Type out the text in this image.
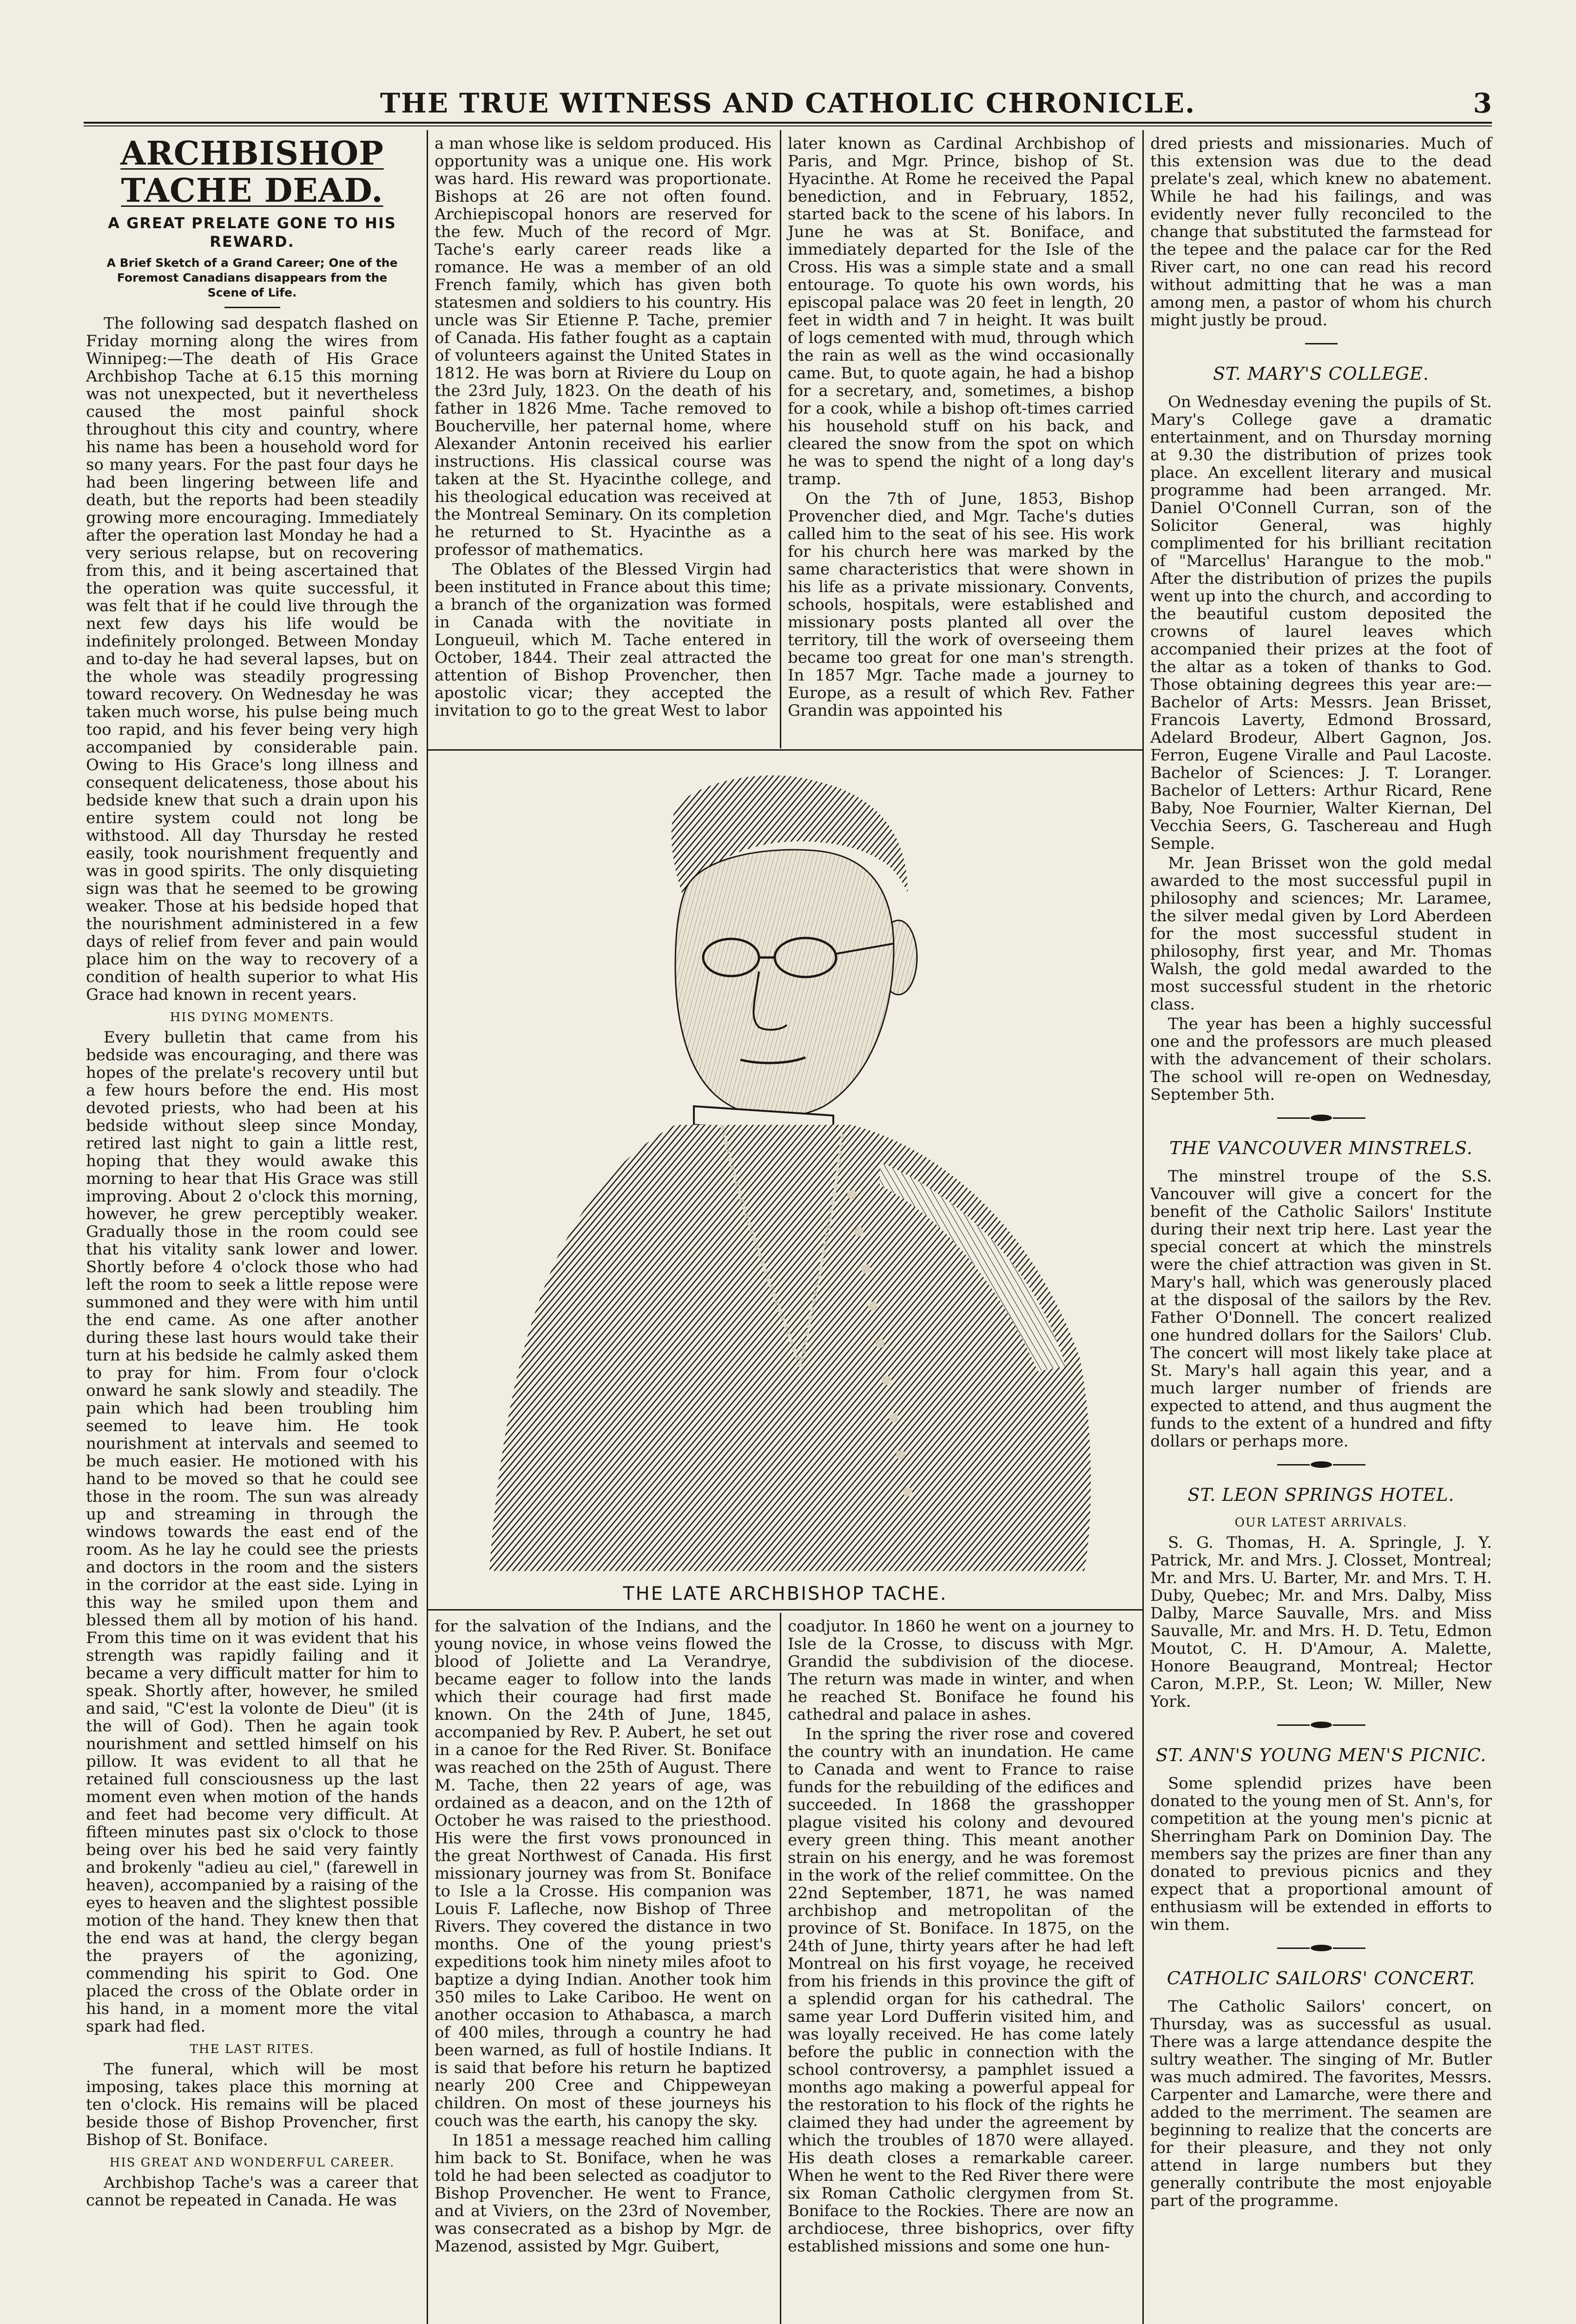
THE TRUE WITNESS AND CATHOLIC CHRONICLE.	3
ARCHBISHOP TACHE DEAD.
A GREAT PRELATE GONE TO HIS REWARD.
A Brief Sketch of a Grand Career; One of the Foremost Canadians disappears from the Scene of Life.

The following sad despatch flashed on Friday morning along the wires from Winnipeg:—The death of His Grace Archbishop Tache at 6.15 this morning was not unexpected, but it nevertheless caused the most painful shock throughout this city and country, where his name has been a household word for so many years. For the past four days he had been lingering between life and death, but the reports had been steadily growing more encouraging. Immediately after the operation last Monday he had a very serious relapse, but on recovering from this, and it being ascertained that the operation was quite successful, it was felt that if he could live through the next few days his life would be indefinitely prolonged. Between Monday and to-day he had several lapses, but on the whole was steadily progressing toward recovery. On Wednesday he was taken much worse, his pulse being much too rapid, and his fever being very high accompanied by considerable pain. Owing to His Grace's long illness and consequent delicateness, those about his bedside knew that such a drain upon his entire system could not long be withstood. All day Thursday he rested easily, took nourishment frequently and was in good spirits. The only disquieting sign was that he seemed to be growing weaker. Those at his bedside hoped that the nourishment administered in a few days of relief from fever and pain would place him on the way to recovery of a condition of health superior to what His Grace had known in recent years.

HIS DYING MOMENTS.

Every bulletin that came from his bedside was encouraging, and there was hopes of the prelate's recovery until but a few hours before the end. His most devoted priests, who had been at his bedside without sleep since Monday, retired last night to gain a little rest, hoping that they would awake this morning to hear that His Grace was still improving. About 2 o'clock this morning, however, he grew perceptibly weaker. Gradually those in the room could see that his vitality sank lower and lower. Shortly before 4 o'clock those who had left the room to seek a little repose were summoned and they were with him until the end came. As one after another during these last hours would take their turn at his bedside he calmly asked them to pray for him. From four o'clock onward he sank slowly and steadily. The pain which had been troubling him seemed to leave him. He took nourishment at intervals and seemed to be much easier. He motioned with his hand to be moved so that he could see those in the room. The sun was already up and streaming in through the windows towards the east end of the room. As he lay he could see the priests and doctors in the room and the sisters in the corridor at the east side. Lying in this way he smiled upon them and blessed them all by motion of his hand. From this time on it was evident that his strength was rapidly failing and it became a very difficult matter for him to speak. Shortly after, however, he smiled and said, "C'est la volonte de Dieu" (it is the will of God). Then he again took nourishment and settled himself on his pillow. It was evident to all that he retained full consciousness up the last moment even when motion of the hands and feet had become very difficult. At fifteen minutes past six o'clock to those being over his bed he said very faintly and brokenly "adieu au ciel," (farewell in heaven), accompanied by a raising of the eyes to heaven and the slightest possible motion of the hand. They knew then that the end was at hand, the clergy began the prayers of the agonizing, commending his spirit to God. One placed the cross of the Oblate order in his hand, in a moment more the vital spark had fled.

THE LAST RITES.

The funeral, which will be most imposing, takes place this morning at ten o'clock. His remains will be placed beside those of Bishop Provencher, first Bishop of St. Boniface.

HIS GREAT AND WONDERFUL CAREER.

Archbishop Tache's was a career that cannot be repeated in Canada. He was

a man whose like is seldom produced. His opportunity was a unique one. His work was hard. His reward was proportionate. Bishops at 26 are not often found. Archiepiscopal honors are reserved for the few. Much of the record of Mgr. Tache's early career reads like a romance. He was a member of an old French family, which has given both statesmen and soldiers to his country. His uncle was Sir Etienne P. Tache, premier of Canada. His father fought as a captain of volunteers against the United States in 1812. He was born at Riviere du Loup on the 23rd July, 1823. On the death of his father in 1826 Mme. Tache removed to Boucherville, her paternal home, where Alexander Antonin received his earlier instructions. His classical course was taken at the St. Hyacinthe college, and his theological education was received at the Montreal Seminary. On its completion he returned to St. Hyacinthe as a professor of mathematics.

The Oblates of the Blessed Virgin had been instituted in France about this time; a branch of the organization was formed in Canada with the novitiate in Longueuil, which M. Tache entered in October, 1844. Their zeal attracted the attention of Bishop Provencher, then apostolic vicar; they accepted the invitation to go to the great West to labor

later known as Cardinal Archbishop of Paris, and Mgr. Prince, bishop of St. Hyacinthe. At Rome he received the Papal benediction, and in February, 1852, started back to the scene of his labors. In June he was at St. Boniface, and immediately departed for the Isle of the Cross. His was a simple state and a small entourage. To quote his own words, his episcopal palace was 20 feet in length, 20 feet in width and 7 in height. It was built of logs cemented with mud, through which the rain as well as the wind occasionally came. But, to quote again, he had a bishop for a secretary, and, sometimes, a bishop for a cook, while a bishop oft-times carried his household stuff on his back, and cleared the snow from the spot on which he was to spend the night of a long day's tramp.

On the 7th of June, 1853, Bishop Provencher died, and Mgr. Tache's duties called him to the seat of his see. His work for his church here was marked by the same characteristics that were shown in his life as a private missionary. Convents, schools, hospitals, were established and missionary posts planted all over the territory, till the work of overseeing them became too great for one man's strength. In 1857 Mgr. Tache made a journey to Europe, as a result of which Rev. Father Grandin was appointed his

THE LATE ARCHBISHOP TACHE.

for the salvation of the Indians, and the young novice, in whose veins flowed the blood of Joliette and La Verandrye, became eager to follow into the lands which their courage had first made known. On the 24th of June, 1845, accompanied by Rev. P. Aubert, he set out in a canoe for the Red River. St. Boniface was reached on the 25th of August. There M. Tache, then 22 years of age, was ordained as a deacon, and on the 12th of October he was raised to the priesthood. His were the first vows pronounced in the great Northwest of Canada. His first missionary journey was from St. Boniface to Isle a la Crosse. His companion was Louis F. Lafleche, now Bishop of Three Rivers. They covered the distance in two months. One of the young priest's expeditions took him ninety miles afoot to baptize a dying Indian. Another took him 350 miles to Lake Cariboo. He went on another occasion to Athabasca, a march of 400 miles, through a country he had been warned, as full of hostile Indians. It is said that before his return he baptized nearly 200 Cree and Chippeweyan children. On most of these journeys his couch was the earth, his canopy the sky.

In 1851 a message reached him calling him back to St. Boniface, when he was told he had been selected as coadjutor to Bishop Provencher. He went to France, and at Viviers, on the 23rd of November, was consecrated as a bishop by Mgr. de Mazenod, assisted by Mgr. Guibert,

coadjutor. In 1860 he went on a journey to Isle de la Crosse, to discuss with Mgr. Grandid the subdivision of the diocese. The return was made in winter, and when he reached St. Boniface he found his cathedral and palace in ashes.

In the spring the river rose and covered the country with an inundation. He came to Canada and went to France to raise funds for the rebuilding of the edifices and succeeded. In 1868 the grasshopper plague visited his colony and devoured every green thing. This meant another strain on his energy, and he was foremost in the work of the relief committee. On the 22nd September, 1871, he was named archbishop and metropolitan of the province of St. Boniface. In 1875, on the 24th of June, thirty years after he had left Montreal on his first voyage, he received from his friends in this province the gift of a splendid organ for his cathedral. The same year Lord Dufferin visited him, and was loyally received. He has come lately before the public in connection with the school controversy, a pamphlet issued a months ago making a powerful appeal for the restoration to his flock of the rights he claimed they had under the agreement by which the troubles of 1870 were allayed. His death closes a remarkable career. When he went to the Red River there were six Roman Catholic clergymen from St. Boniface to the Rockies. There are now an archdiocese, three bishoprics, over fifty established missions and some one hun-

dred priests and missionaries. Much of this extension was due to the dead prelate's zeal, which knew no abatement. While he had his failings, and was evidently never fully reconciled to the change that substituted the farmstead for the tepee and the palace car for the Red River cart, no one can read his record without admitting that he was a man among men, a pastor of whom his church might justly be proud.

ST. MARY'S COLLEGE.

On Wednesday evening the pupils of St. Mary's College gave a dramatic entertainment, and on Thursday morning at 9.30 the distribution of prizes took place. An excellent literary and musical programme had been arranged. Mr. Daniel O'Connell Curran, son of the Solicitor General, was highly complimented for his brilliant recitation of "Marcellus' Harangue to the mob." After the distribution of prizes the pupils went up into the church, and according to the beautiful custom deposited the crowns of laurel leaves which accompanied their prizes at the foot of the altar as a token of thanks to God. Those obtaining degrees this year are:—Bachelor of Arts: Messrs. Jean Brisset, Francois Laverty, Edmond Brossard, Adelard Brodeur, Albert Gagnon, Jos. Ferron, Eugene Viralle and Paul Lacoste. Bachelor of Sciences: J. T. Loranger. Bachelor of Letters: Arthur Ricard, Rene Baby, Noe Fournier, Walter Kiernan, Del Vecchia Seers, G. Taschereau and Hugh Semple.

Mr. Jean Brisset won the gold medal awarded to the most successful pupil in philosophy and sciences; Mr. Laramee, the silver medal given by Lord Aberdeen for the most successful student in philosophy, first year, and Mr. Thomas Walsh, the gold medal awarded to the most successful student in the rhetoric class.

The year has been a highly successful one and the professors are much pleased with the advancement of their scholars. The school will re-open on Wednesday, September 5th.

THE VANCOUVER MINSTRELS.

The minstrel troupe of the S.S. Vancouver will give a concert for the benefit of the Catholic Sailors' Institute during their next trip here. Last year the special concert at which the minstrels were the chief attraction was given in St. Mary's hall, which was generously placed at the disposal of the sailors by the Rev. Father O'Donnell. The concert realized one hundred dollars for the Sailors' Club. The concert will most likely take place at St. Mary's hall again this year, and a much larger number of friends are expected to attend, and thus augment the funds to the extent of a hundred and fifty dollars or perhaps more.

ST. LEON SPRINGS HOTEL.
OUR LATEST ARRIVALS.

S. G. Thomas, H. A. Springle, J. Y. Patrick, Mr. and Mrs. J. Closset, Montreal; Mr. and Mrs. U. Barter, Mr. and Mrs. T. H. Duby, Quebec; Mr. and Mrs. Dalby, Miss Dalby, Marce Sauvalle, Mrs. and Miss Sauvalle, Mr. and Mrs. H. D. Tetu, Edmon Moutot, C. H. D'Amour, A. Malette, Honore Beaugrand, Montreal; Hector Caron, M.P.P., St. Leon; W. Miller, New York.

ST. ANN'S YOUNG MEN'S PICNIC.

Some splendid prizes have been donated to the young men of St. Ann's, for competition at the young men's picnic at Sherringham Park on Dominion Day. The members say the prizes are finer than any donated to previous picnics and they expect that a proportional amount of enthusiasm will be extended in efforts to win them.

CATHOLIC SAILORS' CONCERT.

The Catholic Sailors' concert, on Thursday, was as successful as usual. There was a large attendance despite the sultry weather. The singing of Mr. Butler was much admired. The favorites, Messrs. Carpenter and Lamarche, were there and added to the merriment. The seamen are beginning to realize that the concerts are for their pleasure, and they not only attend in large numbers but they generally contribute the most enjoyable part of the programme.
